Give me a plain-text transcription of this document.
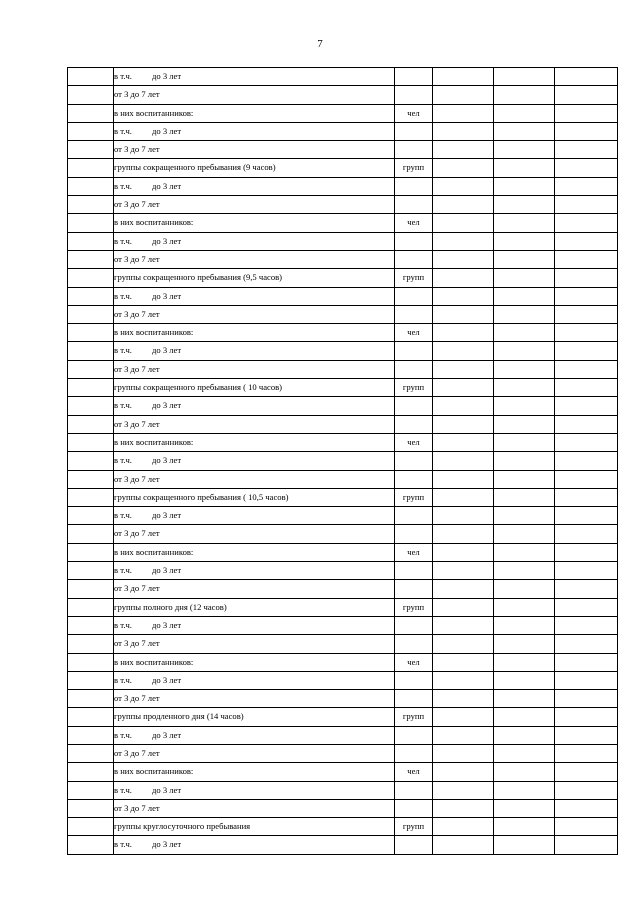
7
	в т.ч. до 3 лет				
	от 3 до 7 лет				
	в них воспитанников:	чел			
	в т.ч. до 3 лет				
	от 3 до 7 лет				
	группы сокращенного пребывания (9 часов)	групп			
	в т.ч. до 3 лет				
	от 3 до 7 лет				
	в них воспитанников:	чел			
	в т.ч. до 3 лет				
	от 3 до 7 лет				
	группы сокращенного пребывания (9,5 часов)	групп			
	в т.ч. до 3 лет				
	от 3 до 7 лет				
	в них воспитанников:	чел			
	в т.ч. до 3 лет				
	от 3 до 7 лет				
	группы сокращенного пребывания ( 10 часов)	групп			
	в т.ч. до 3 лет				
	от 3 до 7 лет				
	в них воспитанников:	чел			
	в т.ч. до 3 лет				
	от 3 до 7 лет				
	группы сокращенного пребывания ( 10,5 часов)	групп			
	в т.ч. до 3 лет				
	от 3 до 7 лет				
	в них воспитанников:	чел			
	в т.ч. до 3 лет				
	от 3 до 7 лет				
	группы полного дня (12 часов)	групп			
	в т.ч. до 3 лет				
	от 3 до 7 лет				
	в них воспитанников:	чел			
	в т.ч. до 3 лет				
	от 3 до 7 лет				
	группы продленного дня (14 часов)	групп			
	в т.ч. до 3 лет				
	от 3 до 7 лет				
	в них воспитанников:	чел			
	в т.ч. до 3 лет				
	от 3 до 7 лет				
	группы круглосуточного пребывания	групп			
	в т.ч. до 3 лет				
